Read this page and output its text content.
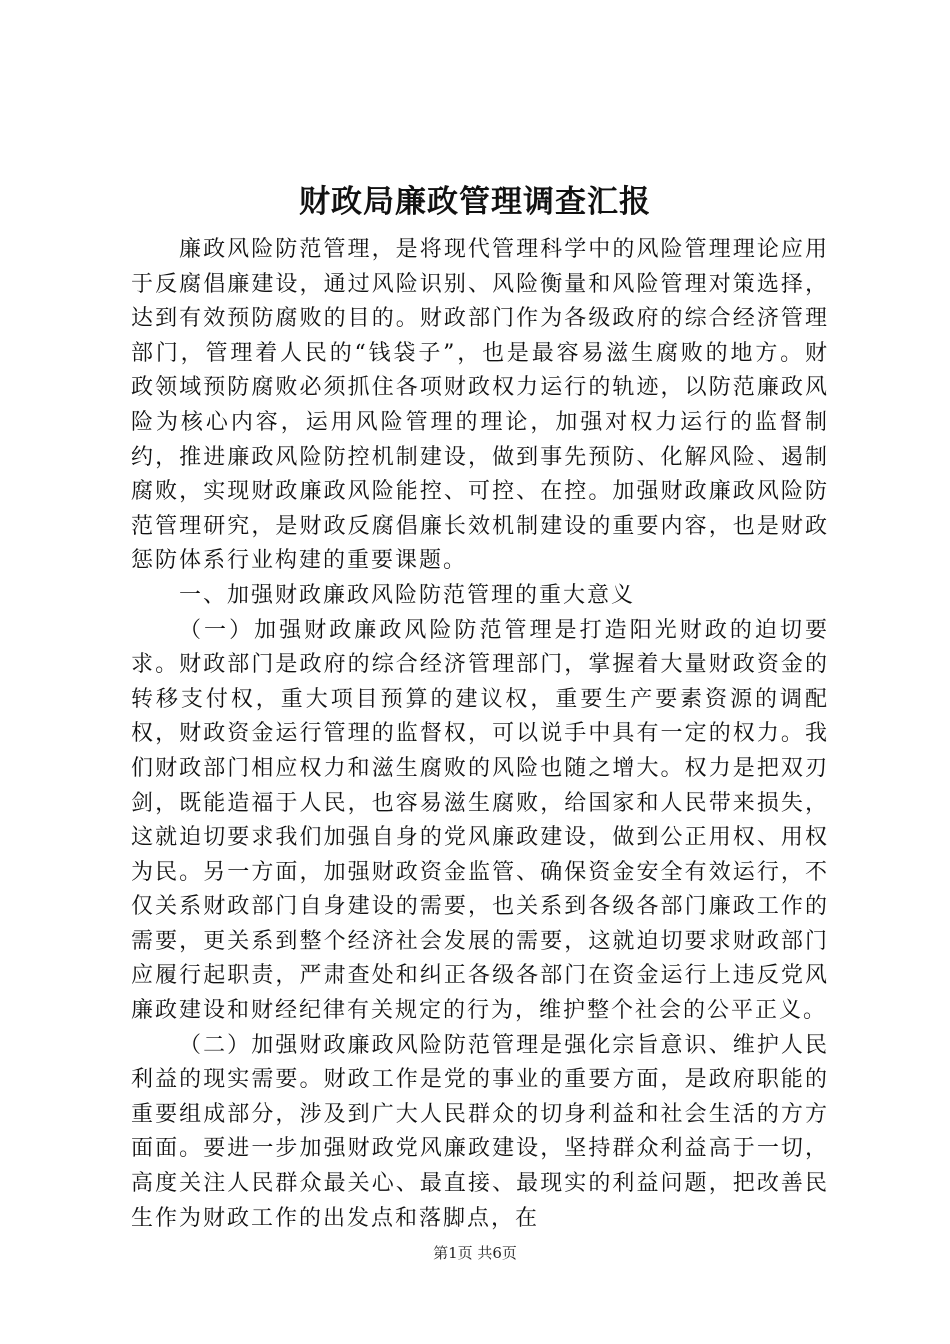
财政局廉政管理调查汇报

廉政风险防范管理，是将现代管理科学中的风险管理理论应用于反腐倡廉建设，通过风险识别、风险衡量和风险管理对策选择，达到有效预防腐败的目的。财政部门作为各级政府的综合经济管理部门，管理着人民的“钱袋子”，也是最容易滋生腐败的地方。财政领域预防腐败必须抓住各项财政权力运行的轨迹，以防范廉政风险为核心内容，运用风险管理的理论，加强对权力运行的监督制约，推进廉政风险防控机制建设，做到事先预防、化解风险、遏制腐败，实现财政廉政风险能控、可控、在控。加强财政廉政风险防范管理研究，是财政反腐倡廉长效机制建设的重要内容，也是财政惩防体系行业构建的重要课题。

一、加强财政廉政风险防范管理的重大意义

（一）加强财政廉政风险防范管理是打造阳光财政的迫切要求。财政部门是政府的综合经济管理部门，掌握着大量财政资金的转移支付权，重大项目预算的建议权，重要生产要素资源的调配权，财政资金运行管理的监督权，可以说手中具有一定的权力。我们财政部门相应权力和滋生腐败的风险也随之增大。权力是把双刃剑，既能造福于人民，也容易滋生腐败，给国家和人民带来损失，这就迫切要求我们加强自身的党风廉政建设，做到公正用权、用权为民。另一方面，加强财政资金监管、确保资金安全有效运行，不仅关系财政部门自身建设的需要，也关系到各级各部门廉政工作的需要，更关系到整个经济社会发展的需要，这就迫切要求财政部门应履行起职责，严肃查处和纠正各级各部门在资金运行上违反党风廉政建设和财经纪律有关规定的行为，维护整个社会的公平正义。

（二）加强财政廉政风险防范管理是强化宗旨意识、维护人民利益的现实需要。财政工作是党的事业的重要方面，是政府职能的重要组成部分，涉及到广大人民群众的切身利益和社会生活的方方面面。要进一步加强财政党风廉政建设，坚持群众利益高于一切，高度关注人民群众最关心、最直接、最现实的利益问题，把改善民生作为财政工作的出发点和落脚点，在

第1页 共6页
